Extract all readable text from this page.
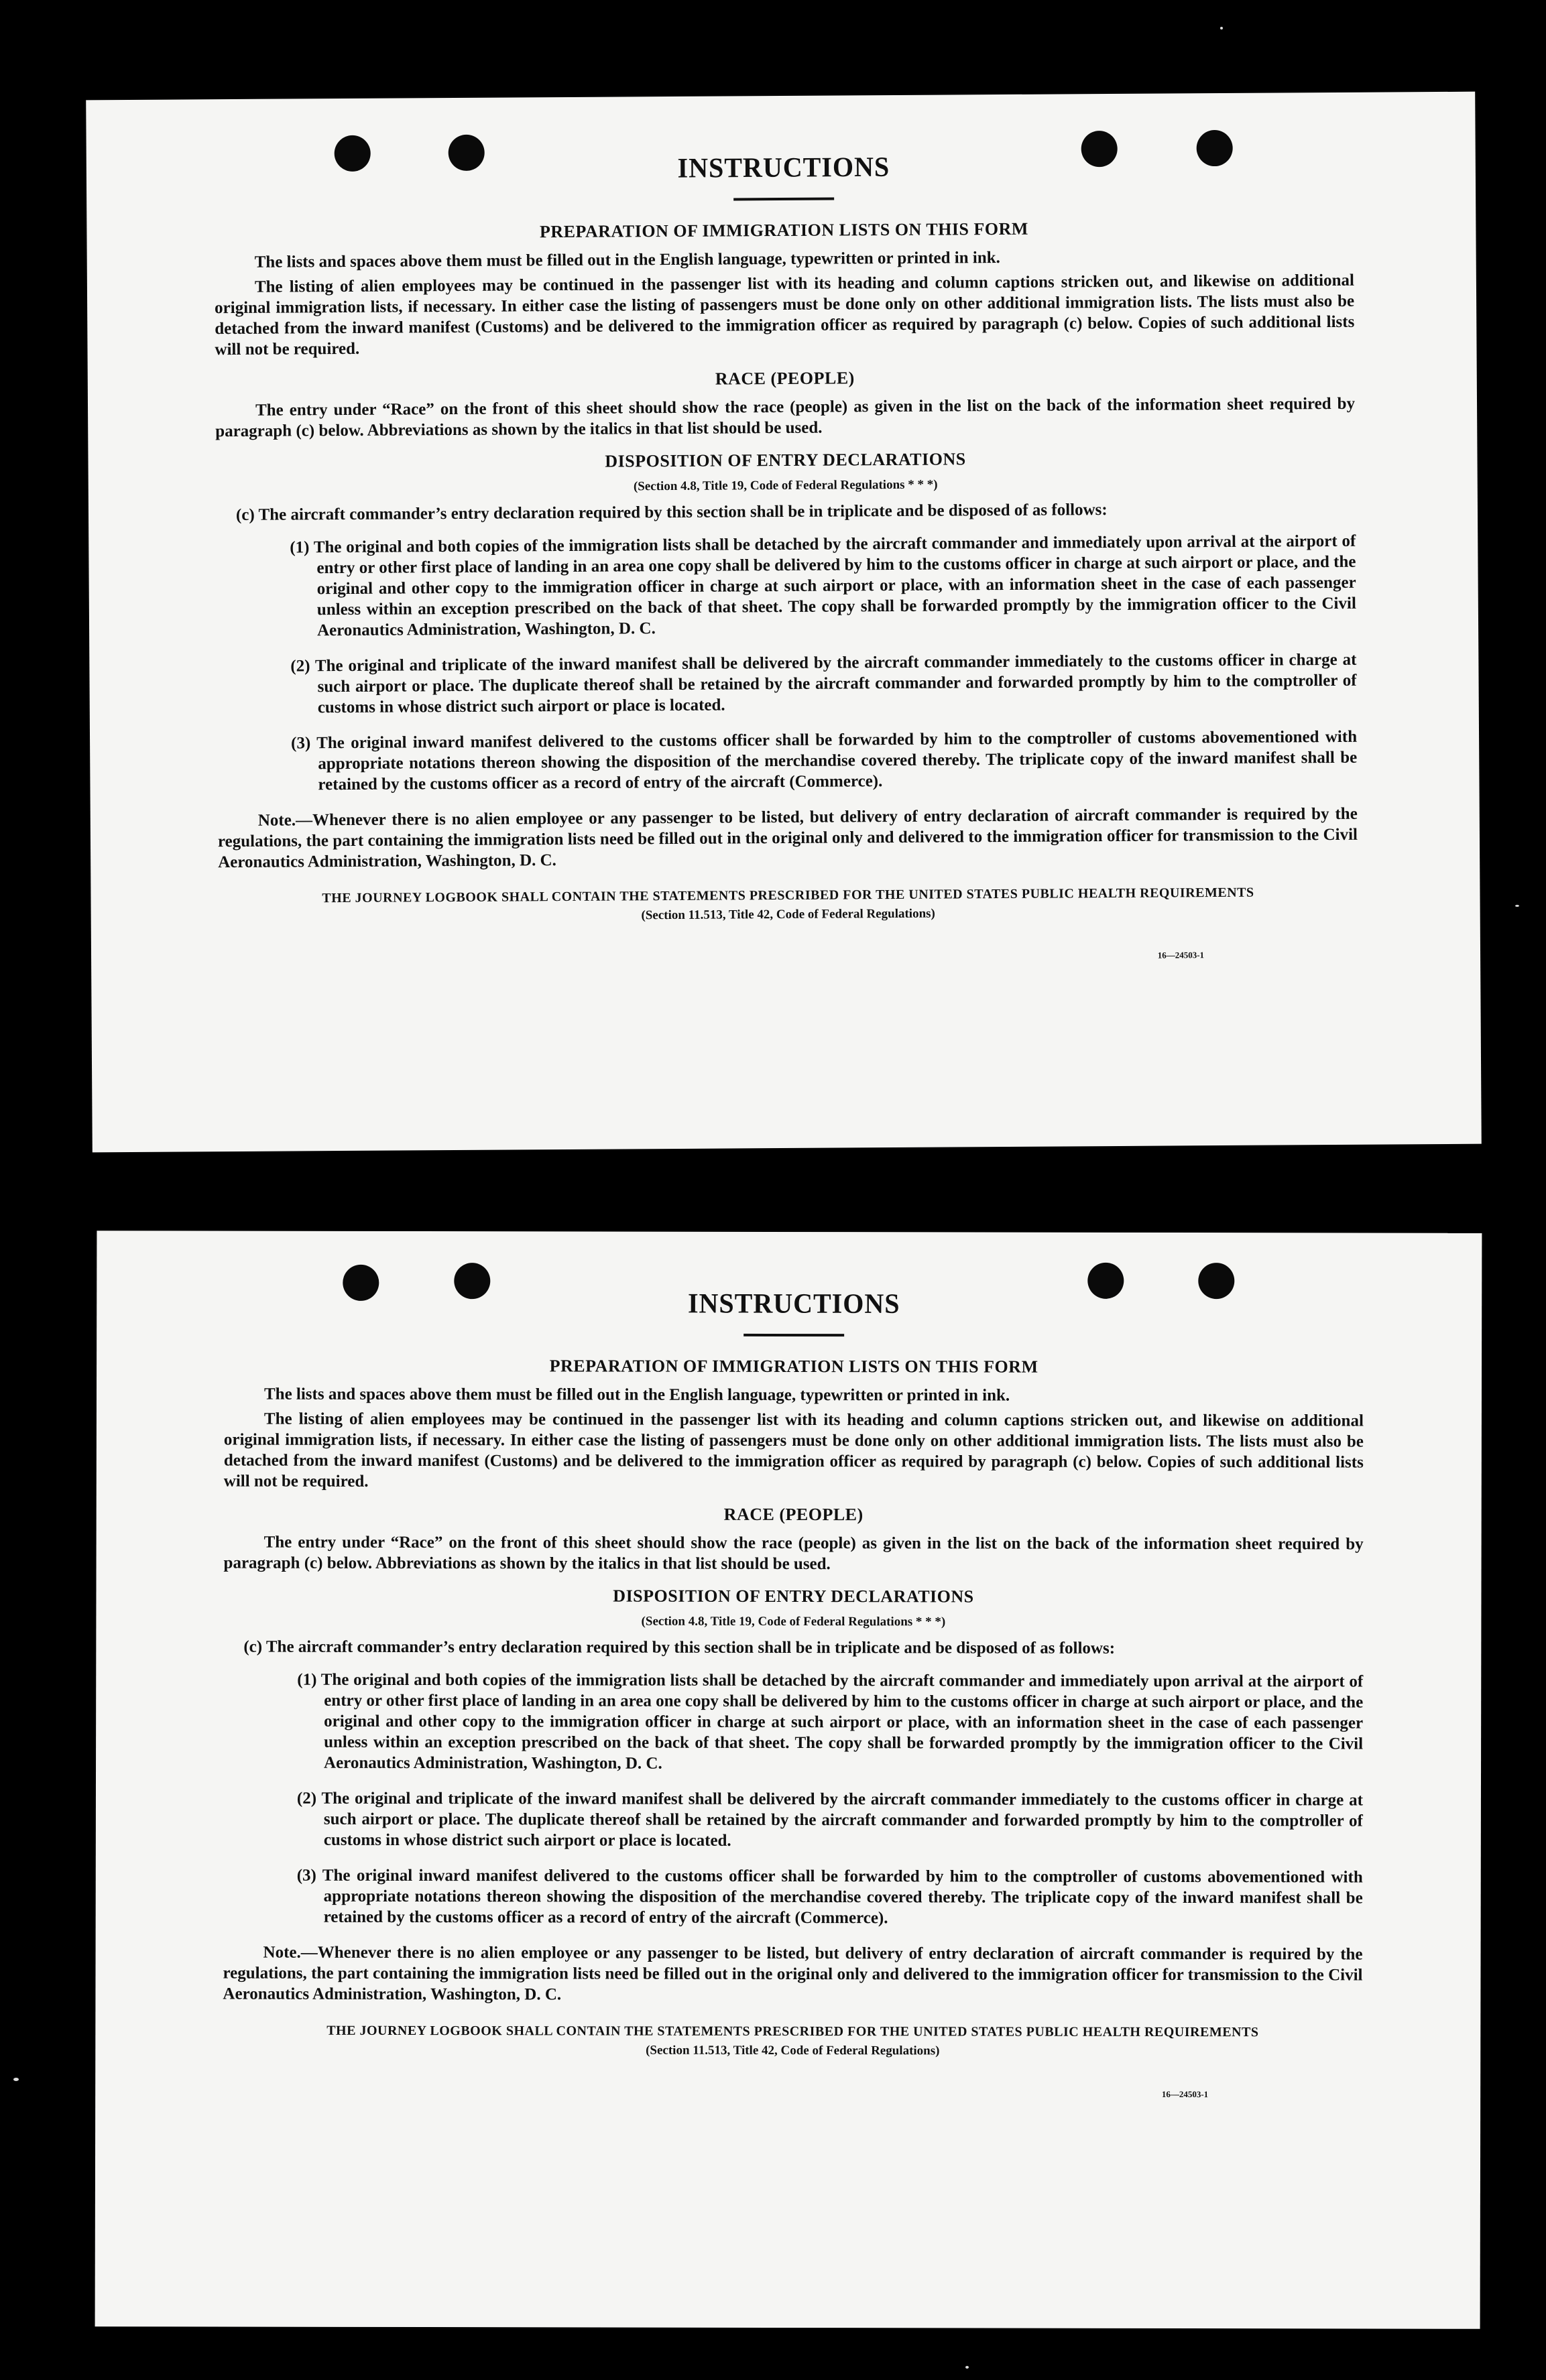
INSTRUCTIONS
PREPARATION OF IMMIGRATION LISTS ON THIS FORM

The lists and spaces above them must be filled out in the English language, typewritten or printed in ink.

The listing of alien employees may be continued in the passenger list with its heading and column captions stricken out, and likewise on additional original immigration lists, if necessary. In either case the listing of passengers must be done only on other additional immigration lists. The lists must also be detached from the inward manifest (Customs) and be delivered to the immigration officer as required by paragraph (c) below. Copies of such additional lists will not be required.

RACE (PEOPLE)

The entry under “Race” on the front of this sheet should show the race (people) as given in the list on the back of the information sheet required by paragraph (c) below. Abbreviations as shown by the italics in that list should be used.

DISPOSITION OF ENTRY DECLARATIONS
(Section 4.8, Title 19, Code of Federal Regulations * * *)

(c) The aircraft commander’s entry declaration required by this section shall be in triplicate and be disposed of as follows:

(1) The original and both copies of the immigration lists shall be detached by the aircraft commander and immediately upon arrival at the airport of entry or other first place of landing in an area one copy shall be delivered by him to the customs officer in charge at such airport or place, and the original and other copy to the immigration officer in charge at such airport or place, with an information sheet in the case of each passenger unless within an exception prescribed on the back of that sheet. The copy shall be forwarded promptly by the immigration officer to the Civil Aeronautics Administration, Washington, D. C.
(2) The original and triplicate of the inward manifest shall be delivered by the aircraft commander immediately to the customs officer in charge at such airport or place. The duplicate thereof shall be retained by the aircraft commander and forwarded promptly by him to the comptroller of customs in whose district such airport or place is located.
(3) The original inward manifest delivered to the customs officer shall be forwarded by him to the comptroller of customs abovementioned with appropriate notations thereon showing the disposition of the merchandise covered thereby. The triplicate copy of the inward manifest shall be retained by the customs officer as a record of entry of the aircraft (Commerce).

Note.—Whenever there is no alien employee or any passenger to be listed, but delivery of entry declaration of aircraft commander is required by the regulations, the part containing the immigration lists need be filled out in the original only and delivered to the immigration officer for transmission to the Civil Aeronautics Administration, Washington, D. C.

THE JOURNEY LOGBOOK SHALL CONTAIN THE STATEMENTS PRESCRIBED FOR THE UNITED STATES PUBLIC HEALTH REQUIREMENTS
(Section 11.513, Title 42, Code of Federal Regulations)
16—24503-1
INSTRUCTIONS
PREPARATION OF IMMIGRATION LISTS ON THIS FORM

The lists and spaces above them must be filled out in the English language, typewritten or printed in ink.

The listing of alien employees may be continued in the passenger list with its heading and column captions stricken out, and likewise on additional original immigration lists, if necessary. In either case the listing of passengers must be done only on other additional immigration lists. The lists must also be detached from the inward manifest (Customs) and be delivered to the immigration officer as required by paragraph (c) below. Copies of such additional lists will not be required.

RACE (PEOPLE)

The entry under “Race” on the front of this sheet should show the race (people) as given in the list on the back of the information sheet required by paragraph (c) below. Abbreviations as shown by the italics in that list should be used.

DISPOSITION OF ENTRY DECLARATIONS
(Section 4.8, Title 19, Code of Federal Regulations * * *)

(c) The aircraft commander’s entry declaration required by this section shall be in triplicate and be disposed of as follows:

(1) The original and both copies of the immigration lists shall be detached by the aircraft commander and immediately upon arrival at the airport of entry or other first place of landing in an area one copy shall be delivered by him to the customs officer in charge at such airport or place, and the original and other copy to the immigration officer in charge at such airport or place, with an information sheet in the case of each passenger unless within an exception prescribed on the back of that sheet. The copy shall be forwarded promptly by the immigration officer to the Civil Aeronautics Administration, Washington, D. C.
(2) The original and triplicate of the inward manifest shall be delivered by the aircraft commander immediately to the customs officer in charge at such airport or place. The duplicate thereof shall be retained by the aircraft commander and forwarded promptly by him to the comptroller of customs in whose district such airport or place is located.
(3) The original inward manifest delivered to the customs officer shall be forwarded by him to the comptroller of customs abovementioned with appropriate notations thereon showing the disposition of the merchandise covered thereby. The triplicate copy of the inward manifest shall be retained by the customs officer as a record of entry of the aircraft (Commerce).

Note.—Whenever there is no alien employee or any passenger to be listed, but delivery of entry declaration of aircraft commander is required by the regulations, the part containing the immigration lists need be filled out in the original only and delivered to the immigration officer for transmission to the Civil Aeronautics Administration, Washington, D. C.

THE JOURNEY LOGBOOK SHALL CONTAIN THE STATEMENTS PRESCRIBED FOR THE UNITED STATES PUBLIC HEALTH REQUIREMENTS
(Section 11.513, Title 42, Code of Federal Regulations)
16—24503-1
